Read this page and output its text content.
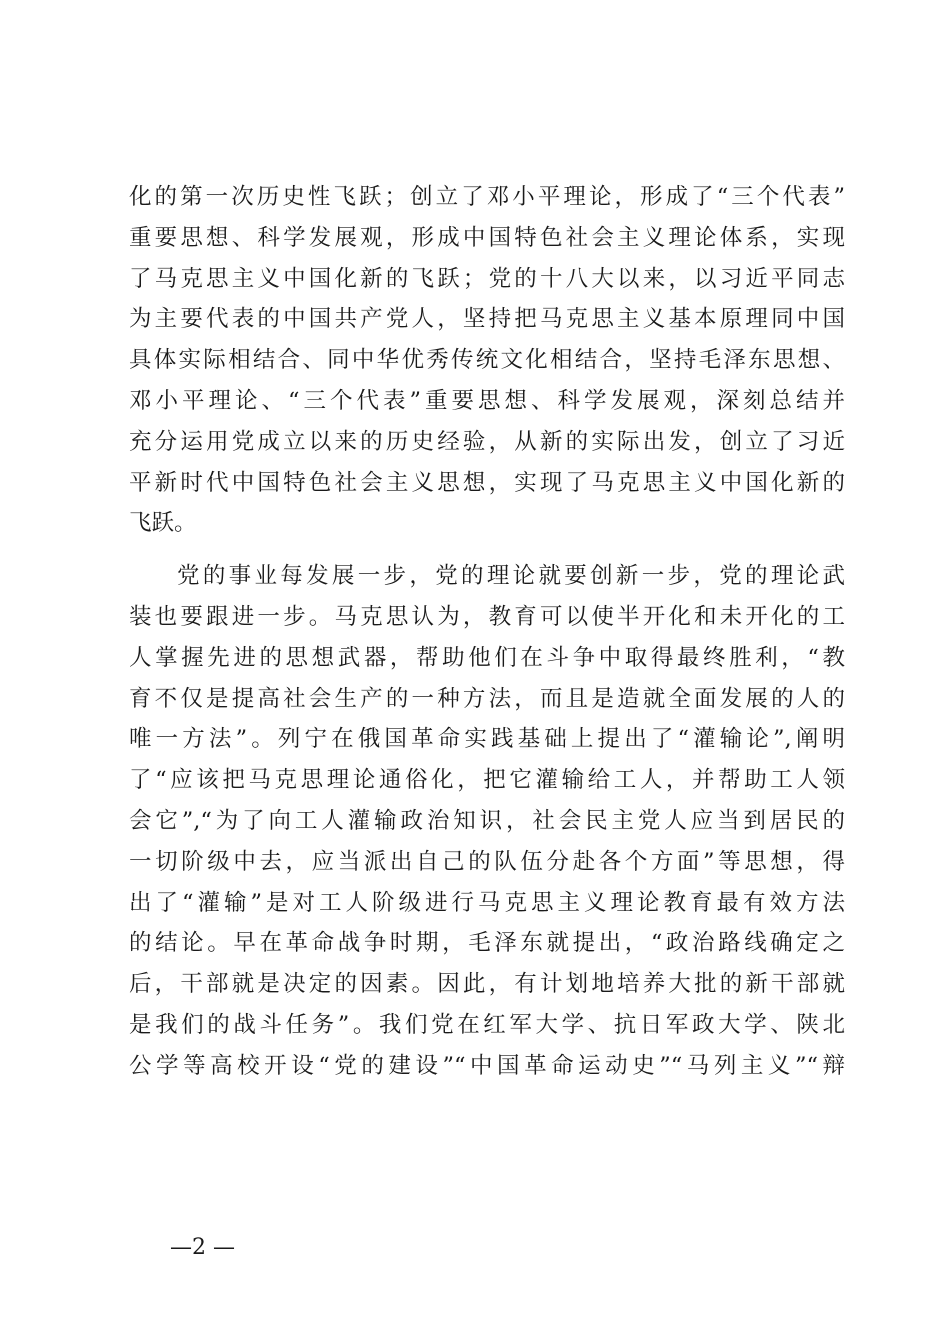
化的第一次历史性飞跃；创立了邓小平理论，形成了“三个代表”
重要思想、科学发展观，形成中国特色社会主义理论体系，实现
了马克思主义中国化新的飞跃；党的十八大以来，以习近平同志
为主要代表的中国共产党人，坚持把马克思主义基本原理同中国
具体实际相结合、同中华优秀传统文化相结合，坚持毛泽东思想、
邓小平理论、“三个代表”重要思想、科学发展观，深刻总结并
充分运用党成立以来的历史经验，从新的实际出发，创立了习近
平新时代中国特色社会主义思想，实现了马克思主义中国化新的
飞跃。
党的事业每发展一步，党的理论就要创新一步，党的理论武
装也要跟进一步。马克思认为，教育可以使半开化和未开化的工
人掌握先进的思想武器，帮助他们在斗争中取得最终胜利，“教
育不仅是提高社会生产的一种方法，而且是造就全面发展的人的
唯一方法”。列宁在俄国革命实践基础上提出了“灌输论”,阐明
了“应该把马克思理论通俗化，把它灌输给工人，并帮助工人领
会它”,“为了向工人灌输政治知识，社会民主党人应当到居民的
一切阶级中去，应当派出自己的队伍分赴各个方面”等思想，得
出了“灌输”是对工人阶级进行马克思主义理论教育最有效方法
的结论。早在革命战争时期，毛泽东就提出，“政治路线确定之
后，干部就是决定的因素。因此，有计划地培养大批的新干部就
是我们的战斗任务”。我们党在红军大学、抗日军政大学、陕北
公学等高校开设“党的建设”“中国革命运动史”“马列主义”“辩
—2 —
